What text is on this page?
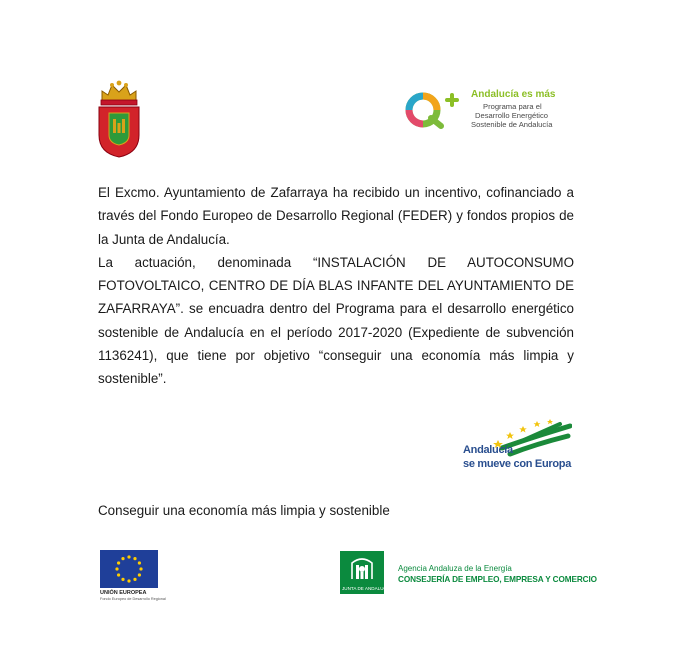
Andalucía es más
Programa para el
Desarrollo Energético
Sostenible de Andalucía

El Excmo. Ayuntamiento de Zafarraya ha recibido un incentivo, cofinanciado a través del Fondo Europeo de Desarrollo Regional (FEDER) y fondos propios de la Junta de Andalucía.

La actuación, denominada “INSTALACIÓN DE AUTOCONSUMO FOTOVOLTAICO, CENTRO DE DÍA BLAS INFANTE DEL AYUNTAMIENTO DE ZAFARRAYA”. se encuadra dentro del Programa para el desarrollo energético sostenible de Andalucía en el período 2017-2020 (Expediente de subvención 1136241), que tiene por objetivo “conseguir una economía más limpia y sostenible”.

Andalucía
se mueve con Europa
Conseguir una economía más limpia y sostenible
UNIÓN EUROPEA
Fondo Europeo de Desarrollo Regional
JUNTA DE ANDALUCIA
Agencia Andaluza de la Energía
CONSEJERÍA DE EMPLEO, EMPRESA Y COMERCIO
